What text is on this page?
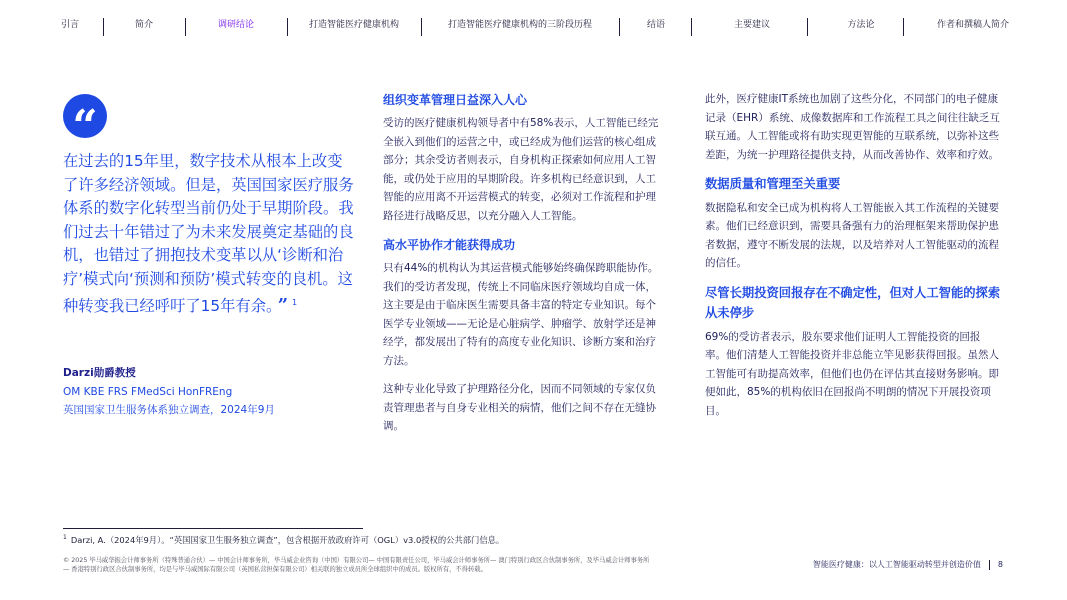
引言	简介	调研结论	打造智能医疗健康机构	打造智能医疗健康机构的三阶段历程	结语	主要建议	方法论	作者和撰稿人简介
“
在过去的15年里，数字技术从根本上改变了许多经济领域。但是，英国国家医疗服务体系的数字化转型当前仍处于早期阶段。我们过去十年错过了为未来发展奠定基础的良机，也错过了拥抱技术变革以从‘诊断和治疗’模式向‘预测和预防’模式转变的良机。这种转变我已经呼吁了15年有余。 ” $^1$
Darzi勋爵教授
OM KBE FRS FMedSci HonFREng
英国国家卫生服务体系独立调查，2024年9月
组织变革管理日益深入人心

受访的医疗健康机构领导者中有58%表示，人工智能已经完全嵌入到他们的运营之中，或已经成为他们运营的核心组成部分；其余受访者则表示，自身机构正探索如何应用人工智能，或仍处于应用的早期阶段。许多机构已经意识到，人工智能的应用离不开运营模式的转变，必须对工作流程和护理路径进行战略反思，以充分融入人工智能。

高水平协作才能获得成功

只有44%的机构认为其运营模式能够始终确保跨职能协作。我们的受访者发现，传统上不同临床医疗领域均自成一体，这主要是由于临床医生需要具备丰富的特定专业知识。每个医学专业领域——无论是心脏病学、肿瘤学、放射学还是神经学，都发展出了特有的高度专业化知识、诊断方案和治疗方法。

这种专业化导致了护理路径分化，因而不同领域的专家仅负责管理患者与自身专业相关的病情，他们之间不存在无缝协调。

此外，医疗健康IT系统也加剧了这些分化，不同部门的电子健康记录（EHR）系统、成像数据库和工作流程工具之间往往缺乏互联互通。人工智能或将有助实现更智能的互联系统，以弥补这些差距，为统一护理路径提供支持，从而改善协作、效率和疗效。

数据质量和管理至关重要

数据隐私和安全已成为机构将人工智能嵌入其工作流程的关键要素。他们已经意识到，需要具备强有力的治理框架来帮助保护患者数据，遵守不断发展的法规，以及培养对人工智能驱动的流程的信任。

尽管长期投资回报存在不确定性，但对人工智能的探索从未停步

69%的受访者表示，股东要求他们证明人工智能投资的回报率。他们清楚人工智能投资并非总能立竿见影获得回报。虽然人工智能可有助提高效率，但他们也仍在评估其直接财务影响。即便如此，85%的机构依旧在回报尚不明朗的情况下开展投资项目。

$^1$ Darzi, A.（2024年9月）。“英国国家卫生服务独立调查”，包含根据开放政府许可（OGL）v3.0授权的公共部门信息。
© 2025 毕马威华振会计师事务所（特殊普通合伙）— 中国会计师事务所，毕马威企业咨询（中国）有限公司— 中国有限责任公司，毕马威会计师事务所— 澳门特别行政区合伙制事务所，及毕马威会计师事务所— 香港特别行政区合伙制事务所，均是与毕马威国际有限公司（英国私营担保有限公司）相关联的独立成员所全球组织中的成员。版权所有，不得转载。
智能医疗健康：以人工智能驱动转型并创造价值 8
